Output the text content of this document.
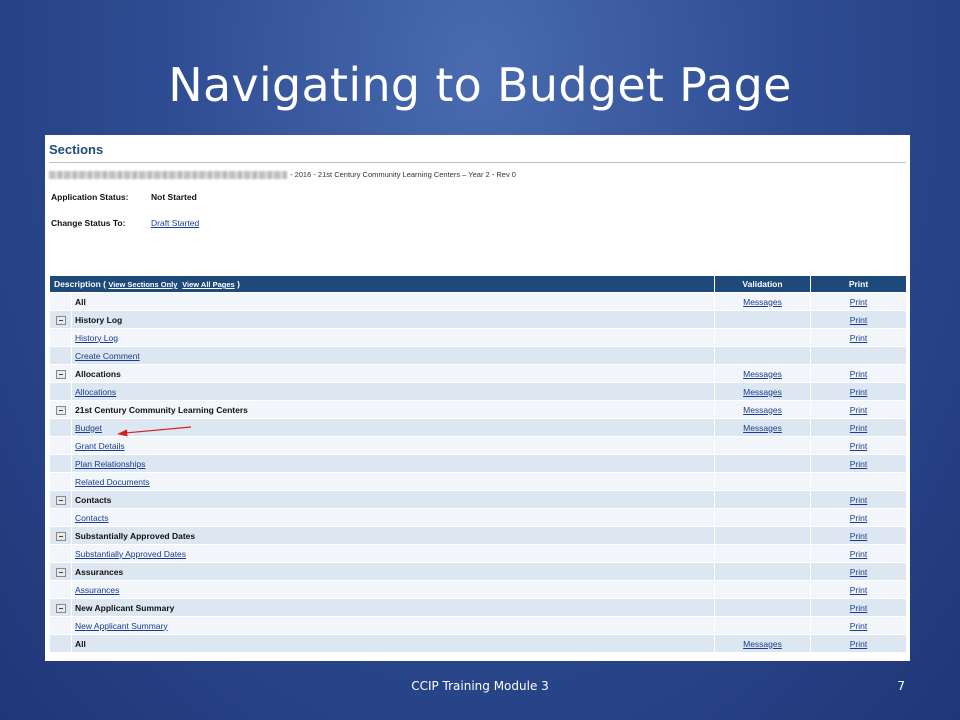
Navigating to Budget Page
Sections
- 2016 - 21st Century Community Learning Centers – Year 2 - Rev 0
Application Status:	Not Started
Change Status To:	Draft Started
Description ( View Sections Only View All Pages )		Validation	Print
	All	Messages	Print
	History Log		Print
	History Log		Print
	Create Comment		
	Allocations	Messages	Print
	Allocations	Messages	Print
	21st Century Community Learning Centers	Messages	Print
	Budget	Messages	Print
	Grant Details		Print
	Plan Relationships		Print
	Related Documents		
	Contacts		Print
	Contacts		Print
	Substantially Approved Dates		Print
	Substantially Approved Dates		Print
	Assurances		Print
	Assurances		Print
	New Applicant Summary		Print
	New Applicant Summary		Print
	All	Messages	Print
CCIP Training Module 3	7
